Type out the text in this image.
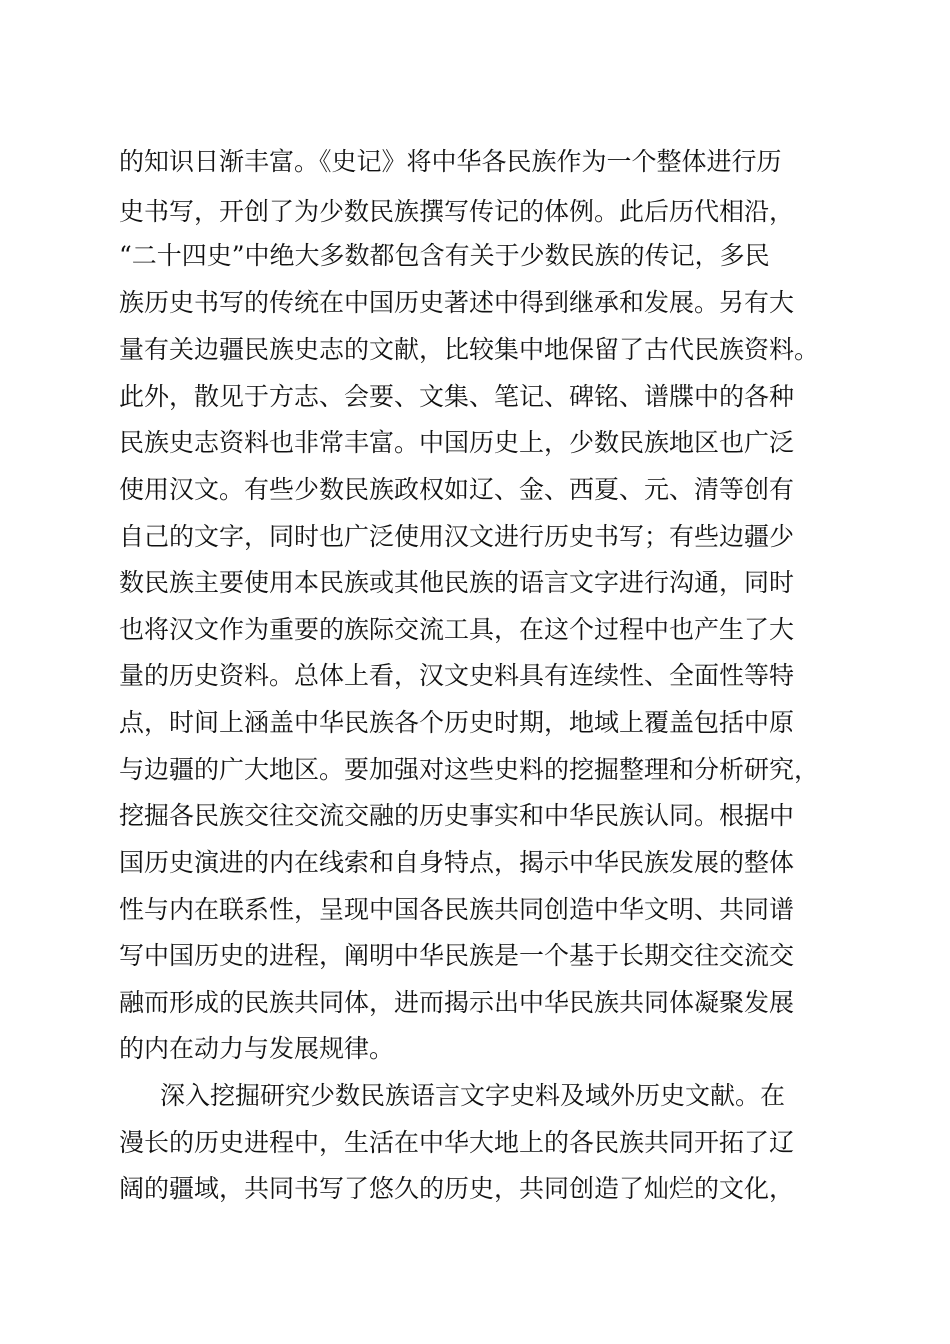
的知识日渐丰富。《史记》将中华各民族作为一个整体进行历
史书写，开创了为少数民族撰写传记的体例。此后历代相沿，
“二十四史”中绝大多数都包含有关于少数民族的传记，多民
族历史书写的传统在中国历史著述中得到继承和发展。另有大
量有关边疆民族史志的文献，比较集中地保留了古代民族资料。
此外，散见于方志、会要、文集、笔记、碑铭、谱牒中的各种
民族史志资料也非常丰富。中国历史上，少数民族地区也广泛
使用汉文。有些少数民族政权如辽、金、西夏、元、清等创有
自己的文字，同时也广泛使用汉文进行历史书写；有些边疆少
数民族主要使用本民族或其他民族的语言文字进行沟通，同时
也将汉文作为重要的族际交流工具，在这个过程中也产生了大
量的历史资料。总体上看，汉文史料具有连续性、全面性等特
点，时间上涵盖中华民族各个历史时期，地域上覆盖包括中原
与边疆的广大地区。要加强对这些史料的挖掘整理和分析研究，
挖掘各民族交往交流交融的历史事实和中华民族认同。根据中
国历史演进的内在线索和自身特点，揭示中华民族发展的整体
性与内在联系性，呈现中国各民族共同创造中华文明、共同谱
写中国历史的进程，阐明中华民族是一个基于长期交往交流交
融而形成的民族共同体，进而揭示出中华民族共同体凝聚发展
的内在动力与发展规律。
深入挖掘研究少数民族语言文字史料及域外历史文献。在
漫长的历史进程中，生活在中华大地上的各民族共同开拓了辽
阔的疆域，共同书写了悠久的历史，共同创造了灿烂的文化，
